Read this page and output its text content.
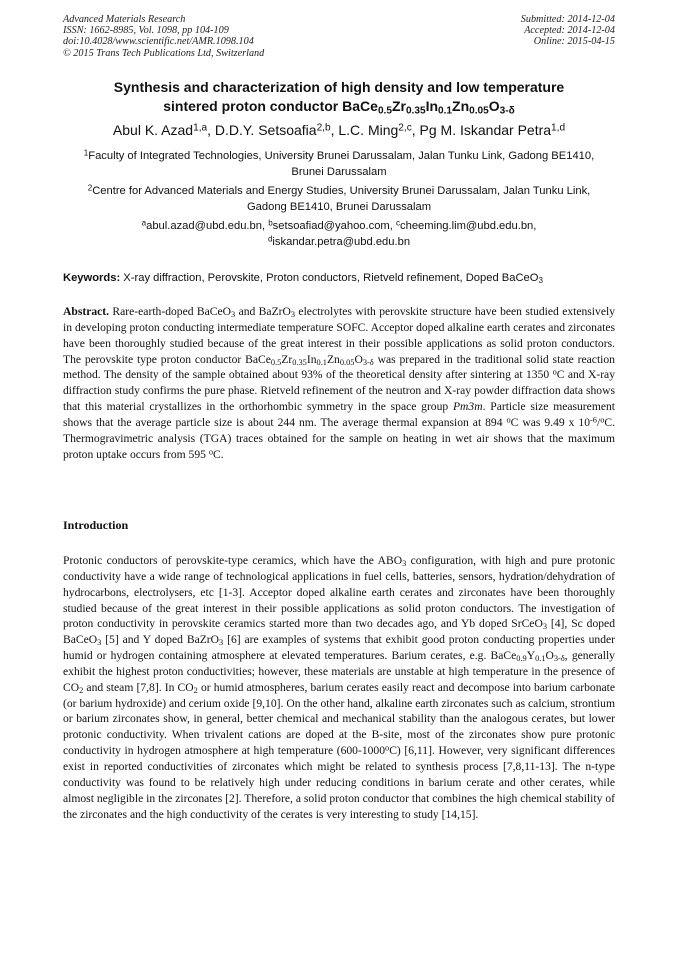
Advanced Materials Research
ISSN: 1662-8985, Vol. 1098, pp 104-109
doi:10.4028/www.scientific.net/AMR.1098.104
© 2015 Trans Tech Publications Ltd, Switzerland
Submitted: 2014-12-04
Accepted: 2014-12-04
Online: 2015-04-15
Synthesis and characterization of high density and low temperature
sintered proton conductor $BaCe_{0.5}Zr_{0.35}In_{0.1}Zn_{0.05}O_{3-\delta}$
Abul K. Azad$^{1,a}$, D.D.Y. Setsoafia$^{2,b}$, L.C. Ming$^{2,c}$, Pg M. Iskandar Petra$^{1,d}$
$^1$Faculty of Integrated Technologies, University Brunei Darussalam, Jalan Tunku Link, Gadong BE1410, Brunei Darussalam
$^2$Centre for Advanced Materials and Energy Studies, University Brunei Darussalam, Jalan Tunku Link, Gadong BE1410, Brunei Darussalam
$^a$abul.azad@ubd.edu.bn, $^b$setsoafiad@yahoo.com, $^c$cheeming.lim@ubd.edu.bn,
$^d$iskandar.petra@ubd.edu.bn
Keywords: X-ray diffraction, Perovskite, Proton conductors, Rietveld refinement, Doped BaCeO$_3$
Abstract. Rare-earth-doped BaCeO$_3$ and BaZrO$_3$ electrolytes with perovskite structure have been studied extensively in developing proton conducting intermediate temperature SOFC. Acceptor doped alkaline earth cerates and zirconates have been thoroughly studied because of the great interest in their possible applications as solid proton conductors. The perovskite type proton conductor $BaCe_{0.5}Zr_{0.35}In_{0.1}Zn_{0.05}O_{3-\delta}$ was prepared in the traditional solid state reaction method. The density of the sample obtained about 93% of the theoretical density after sintering at 1350 $^o$C and X-ray diffraction study confirms the pure phase. Rietveld refinement of the neutron and X-ray powder diffraction data shows that this material crystallizes in the orthorhombic symmetry in the space group Pm3m. Particle size measurement shows that the average particle size is about 244 nm. The average thermal expansion at 894 $^o$C was 9.49 x $10^{-6}/^oC$. Thermogravimetric analysis (TGA) traces obtained for the sample on heating in wet air shows that the maximum proton uptake occurs from 595 $^o$C.
Introduction
Protonic conductors of perovskite-type ceramics, which have the $ABO_3$ configuration, with high and pure protonic conductivity have a wide range of technological applications in fuel cells, batteries, sensors, hydration/dehydration of hydrocarbons, electrolysers, etc [1-3]. Acceptor doped alkaline earth cerates and zirconates have been thoroughly studied because of the great interest in their possible applications as solid proton conductors. The investigation of proton conductivity in perovskite ceramics started more than two decades ago, and Yb doped SrCeO$_3$ [4], Sc doped BaCeO$_3$ [5] and Y doped BaZrO$_3$ [6] are examples of systems that exhibit good proton conducting properties under humid or hydrogen containing atmosphere at elevated temperatures. Barium cerates, e.g. $BaCe_{0.9}Y_{0.1}O_{3-\delta}$, generally exhibit the highest proton conductivities; however, these materials are unstable at high temperature in the presence of $CO_2$ and steam [7,8]. In $CO_2$ or humid atmospheres, barium cerates easily react and decompose into barium carbonate (or barium hydroxide) and cerium oxide [9,10]. On the other hand, alkaline earth zirconates such as calcium, strontium or barium zirconates show, in general, better chemical and mechanical stability than the analogous cerates, but lower protonic conductivity. When trivalent cations are doped at the B-site, most of the zirconates show pure protonic conductivity in hydrogen atmosphere at high temperature (600-1000$^o$C) [6,11]. However, very significant differences exist in reported conductivities of zirconates which might be related to synthesis process [7,8,11-13]. The n-type conductivity was found to be relatively high under reducing conditions in barium cerate and other cerates, while almost negligible in the zirconates [2]. Therefore, a solid proton conductor that combines the high chemical stability of the zirconates and the high conductivity of the cerates is very interesting to study [14,15].
